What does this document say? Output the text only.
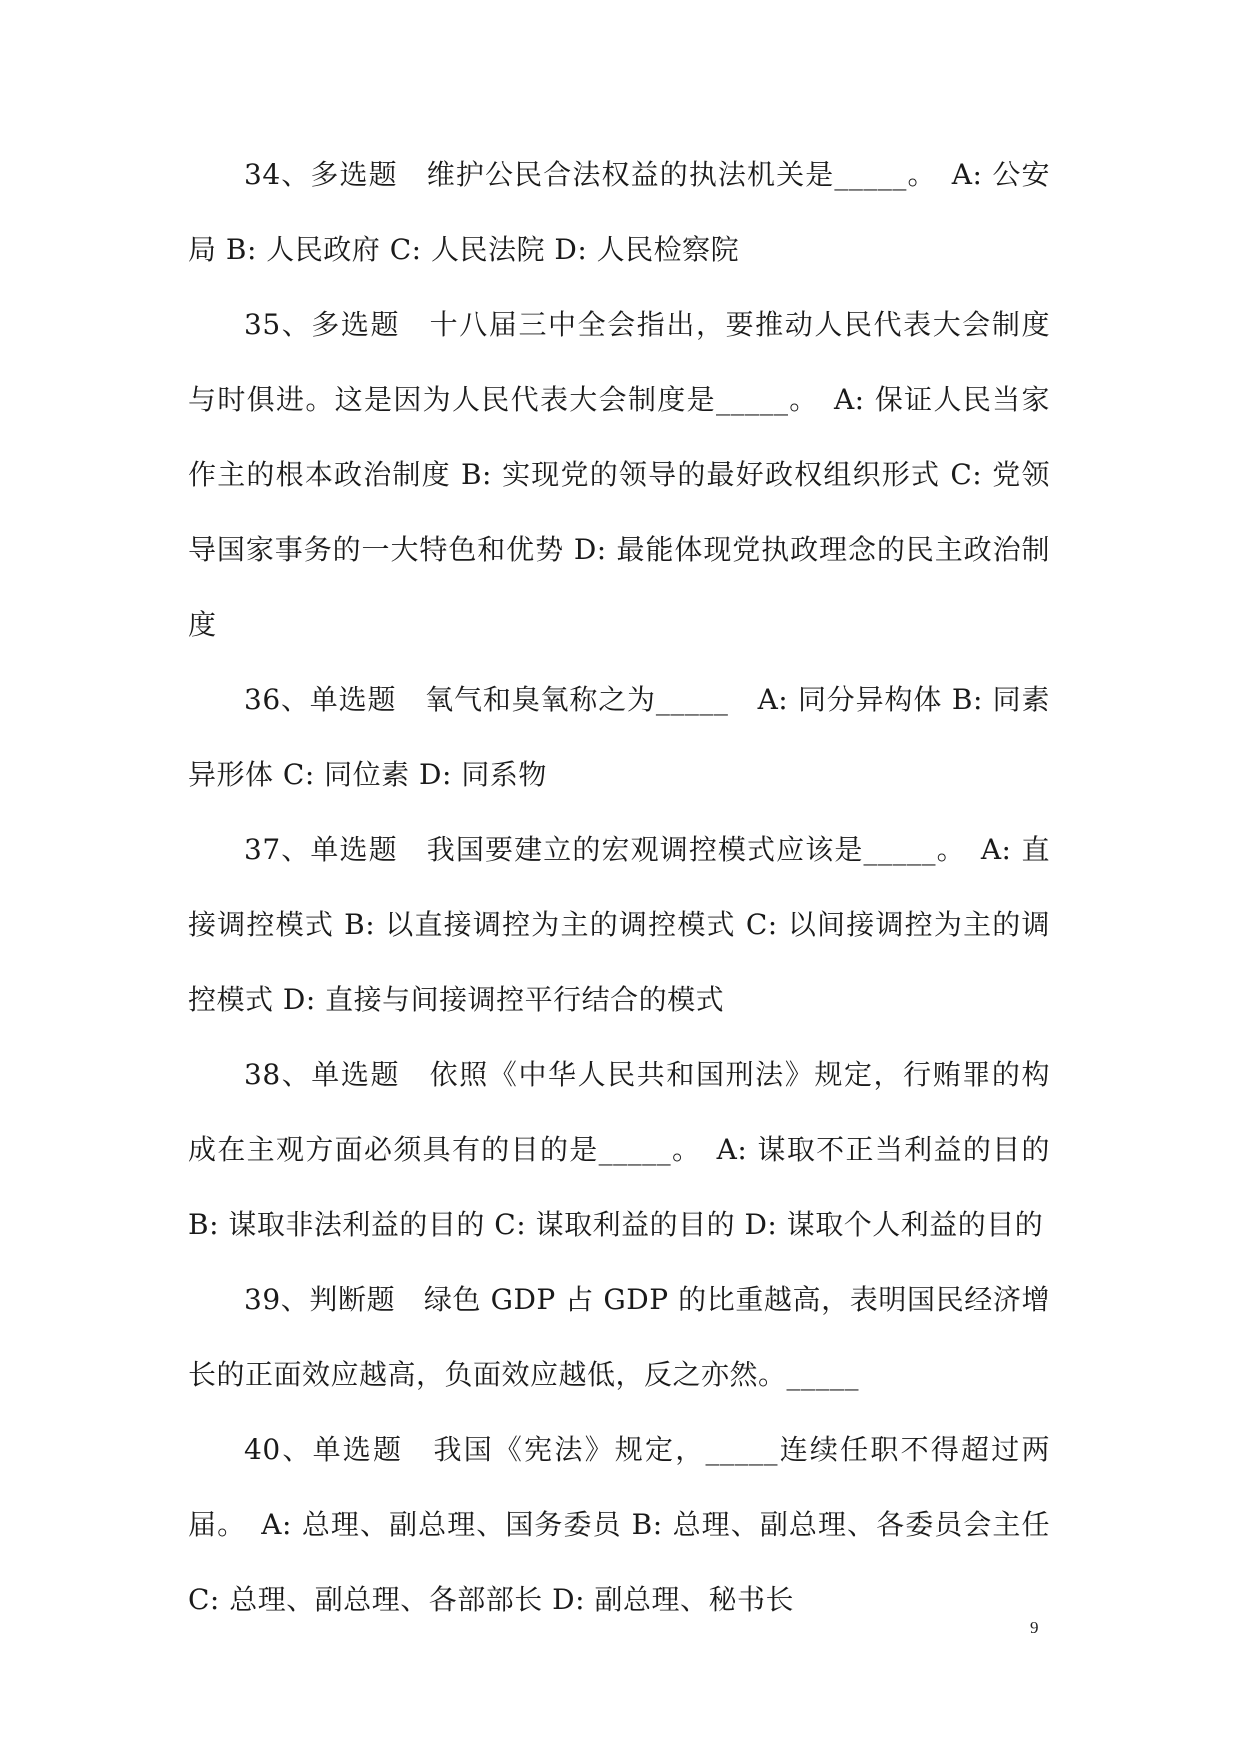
34、多选题　维护公民合法权益的执法机关是_____。　A: 公安局 B: 人民政府 C: 人民法院 D: 人民检察院

35、多选题　十八届三中全会指出，要推动人民代表大会制度与时俱进。这是因为人民代表大会制度是_____。　A: 保证人民当家作主的根本政治制度 B: 实现党的领导的最好政权组织形式 C: 党领导国家事务的一大特色和优势 D: 最能体现党执政理念的民主政治制度

36、单选题　氧气和臭氧称之为_____　A: 同分异构体 B: 同素异形体 C: 同位素 D: 同系物

37、单选题　我国要建立的宏观调控模式应该是_____。　A: 直接调控模式 B: 以直接调控为主的调控模式 C: 以间接调控为主的调控模式 D: 直接与间接调控平行结合的模式

38、单选题　依照《中华人民共和国刑法》规定，行贿罪的构成在主观方面必须具有的目的是_____。　A: 谋取不正当利益的目的 B: 谋取非法利益的目的 C: 谋取利益的目的 D: 谋取个人利益的目的

39、判断题　绿色 GDP 占 GDP 的比重越高，表明国民经济增长的正面效应越高，负面效应越低，反之亦然。_____

40、单选题　我国《宪法》规定，_____连续任职不得超过两届。　A: 总理、副总理、国务委员 B: 总理、副总理、各委员会主任 C: 总理、副总理、各部部长 D: 副总理、秘书长

9
